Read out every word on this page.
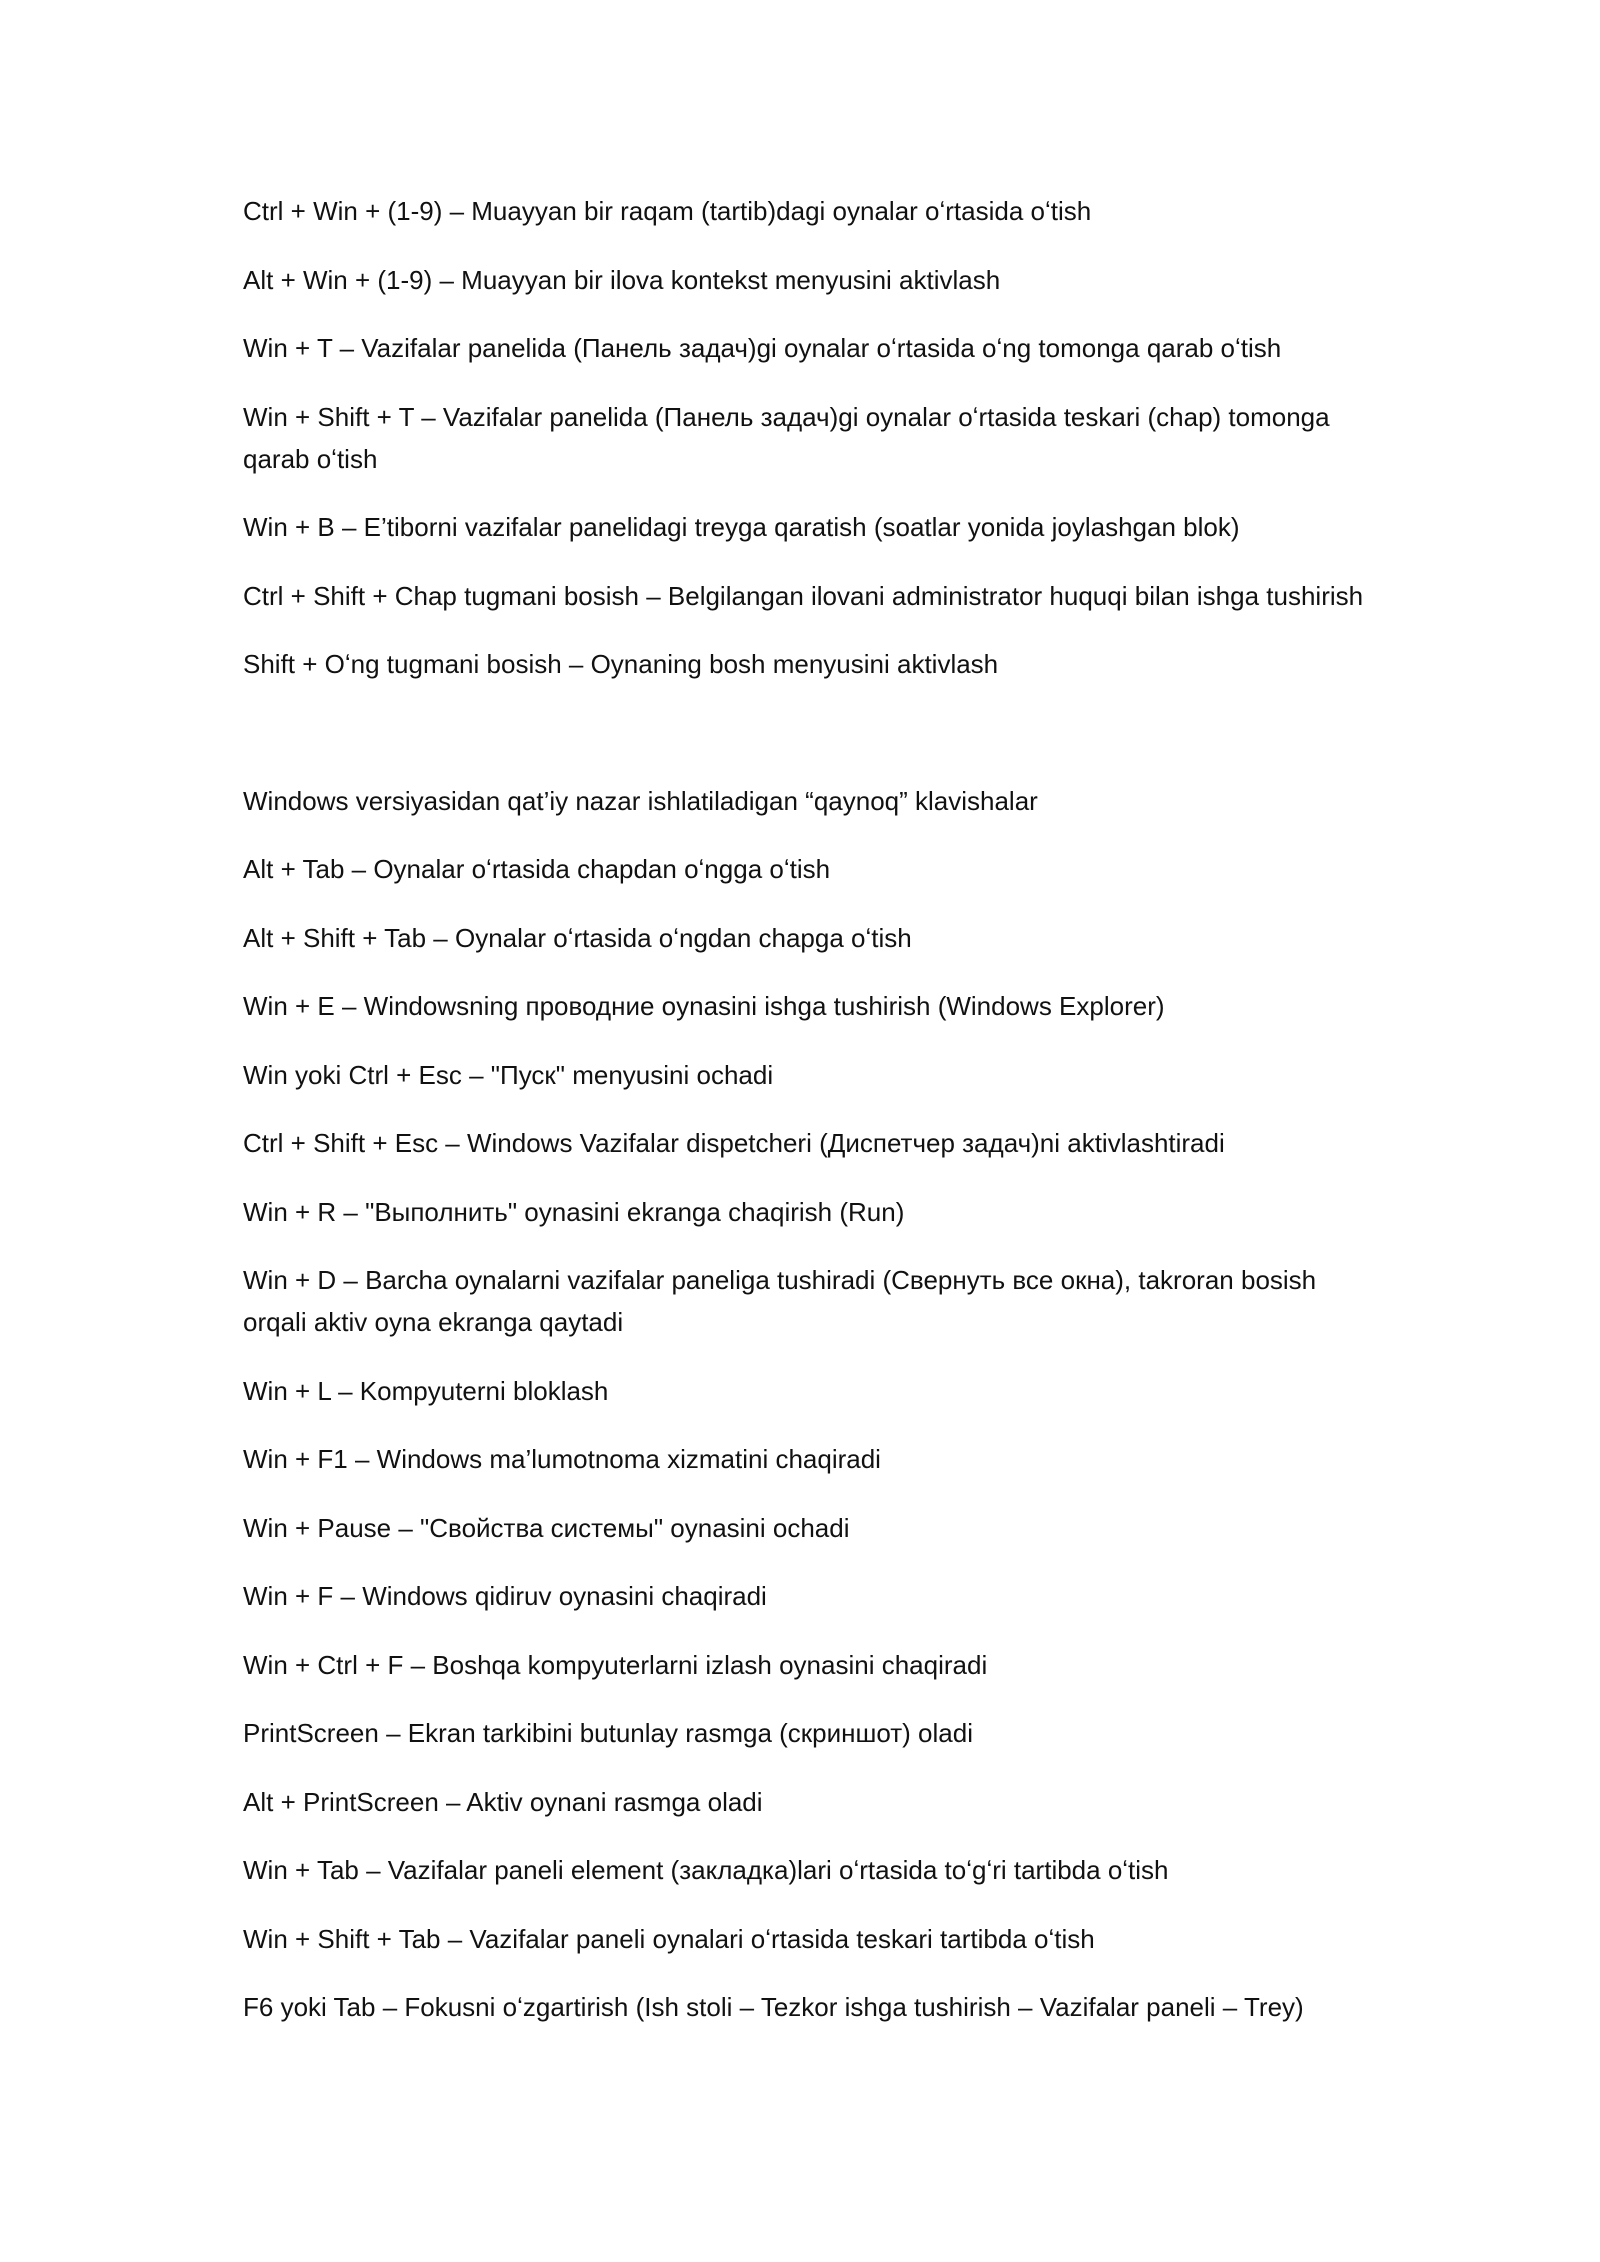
Ctrl + Win + (1-9) – Muayyan bir raqam (tartib)dagi oynalar oʻrtasida oʻtish

Alt + Win + (1-9) – Muayyan bir ilova kontekst menyusini aktivlash

Win + T – Vazifalar panelida (Панель задач)gi oynalar oʻrtasida oʻng tomonga qarab oʻtish

Win + Shift + T – Vazifalar panelida (Панель задач)gi oynalar oʻrtasida teskari (chap) tomonga qarab oʻtish

Win + B – E’tiborni vazifalar panelidagi treyga qaratish (soatlar yonida joylashgan blok)

Ctrl + Shift + Chap tugmani bosish – Belgilangan ilovani administrator huquqi bilan ishga tushirish

Shift + Oʻng tugmani bosish – Oynaning bosh menyusini aktivlash

Windows versiyasidan qat’iy nazar ishlatiladigan “qaynoq” klavishalar

Alt + Tab – Oynalar oʻrtasida chapdan oʻngga oʻtish

Alt + Shift + Tab – Oynalar oʻrtasida oʻngdan chapga oʻtish

Win + E – Windowsning проводние oynasini ishga tushirish (Windows Explorer)

Win yoki Ctrl + Esc – "Пуск" menyusini ochadi

Ctrl + Shift + Esc – Windows Vazifalar dispetcheri (Диспетчер задач)ni aktivlashtiradi

Win + R – "Выполнить" oynasini ekranga chaqirish (Run)

Win + D – Barcha oynalarni vazifalar paneliga tushiradi (Свернуть все окна), takroran bosish orqali aktiv oyna ekranga qaytadi

Win + L – Kompyuterni bloklash

Win + F1 – Windows ma’lumotnoma xizmatini chaqiradi

Win + Pause – "Свойства системы" oynasini ochadi

Win + F – Windows qidiruv oynasini chaqiradi

Win + Ctrl + F – Boshqa kompyuterlarni izlash oynasini chaqiradi

PrintScreen – Ekran tarkibini butunlay rasmga (скриншот) oladi

Alt + PrintScreen – Aktiv oynani rasmga oladi

Win + Tab – Vazifalar paneli element (закладка)lari oʻrtasida toʻgʻri tartibda oʻtish

Win + Shift + Tab – Vazifalar paneli oynalari oʻrtasida teskari tartibda oʻtish

F6 yoki Tab – Fokusni oʻzgartirish (Ish stoli – Tezkor ishga tushirish – Vazifalar paneli – Trey)
